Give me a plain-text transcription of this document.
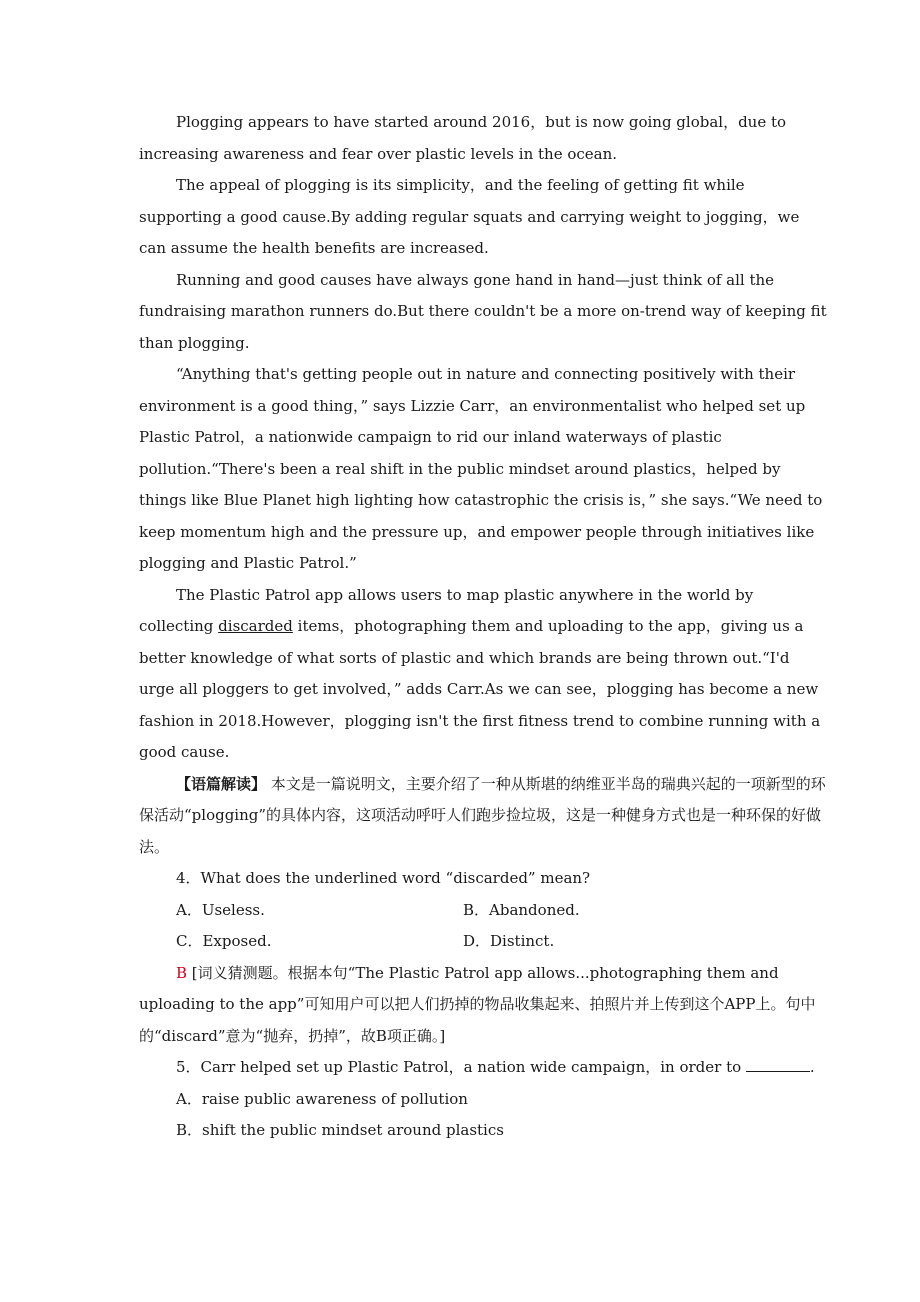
Plogging appears to have started around 2016，but is now going global，due to increasing awareness and fear over plastic levels in the ocean.

The appeal of plogging is its simplicity，and the feeling of getting fit while supporting a good cause.By adding regular squats and carrying weight to jogging，we can assume the health benefits are increased.

Running and good causes have always gone hand in hand—just think of all the fundraising marathon runners do.But there couldn't be a more on-trend way of keeping fit than plogging.

“Anything that's getting people out in nature and connecting positively with their environment is a good thing，” says Lizzie Carr，an environmentalist who helped set up Plastic Patrol，a nationwide campaign to rid our inland waterways of plastic pollution.“There's been a real shift in the public mindset around plastics，helped by things like Blue Planet high lighting how catastrophic the crisis is，” she says.“We need to keep momentum high and the pressure up，and empower people through initiatives like plogging and Plastic Patrol.”

The Plastic Patrol app allows users to map plastic anywhere in the world by collecting discarded items，photographing them and uploading to the app，giving us a better knowledge of what sorts of plastic and which brands are being thrown out.“I'd urge all ploggers to get involved，” adds Carr.As we can see，plogging has become a new fashion in 2018.However，plogging isn't the first fitness trend to combine running with a good cause.

【语篇解读】 本文是一篇说明文，主要介绍了一种从斯堪的纳维亚半岛的瑞典兴起的一项新型的环保活动“plogging”的具体内容，这项活动呼吁人们跑步捡垃圾，这是一种健身方式也是一种环保的好做法。

4．What does the underlined word “discarded” mean?

A．Useless.	B．Abandoned.
C．Exposed.	D．Distinct.

B [词义猜测题。根据本句“The Plastic Patrol app allows...photographing them and uploading to the app”可知用户可以把人们扔掉的物品收集起来、拍照片并上传到这个APP上。句中的“discard”意为“抛弃，扔掉”，故B项正确。]

5．Carr helped set up Plastic Patrol，a nation wide campaign，in order to	.

A．raise public awareness of pollution

B．shift the public mindset around plastics
